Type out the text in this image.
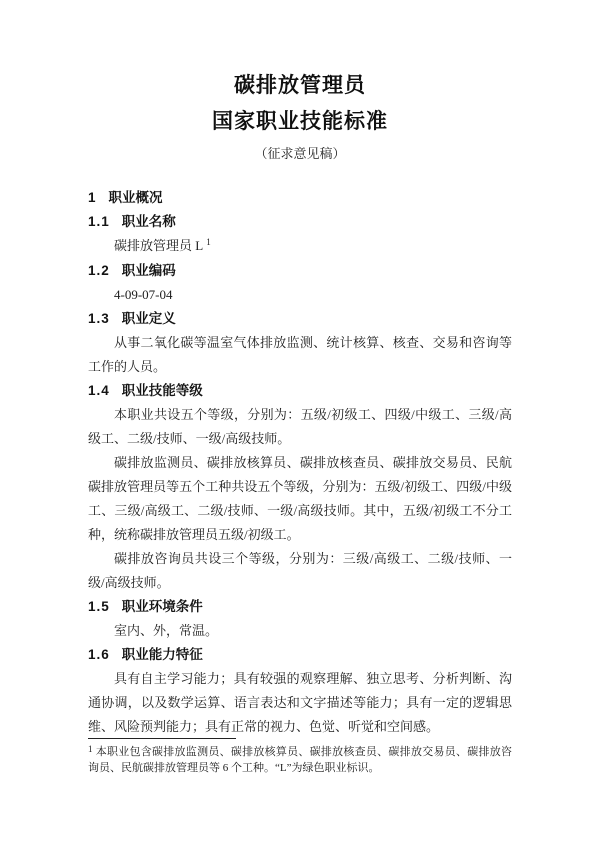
碳排放管理员
国家职业技能标准
（征求意见稿）
1 职业概况
1.1 职业名称

碳排放管理员 L $^1$

1.2 职业编码

4-09-07-04

1.3 职业定义

从事二氧化碳等温室气体排放监测、统计核算、核查、交易和咨询等工作的人员。

1.4 职业技能等级

本职业共设五个等级，分别为：五级/初级工、四级/中级工、三级/高级工、二级/技师、一级/高级技师。

碳排放监测员、碳排放核算员、碳排放核查员、碳排放交易员、民航碳排放管理员等五个工种共设五个等级，分别为：五级/初级工、四级/中级工、三级/高级工、二级/技师、一级/高级技师。其中，五级/初级工不分工种，统称碳排放管理员五级/初级工。

碳排放咨询员共设三个等级，分别为：三级/高级工、二级/技师、一级/高级技师。

1.5 职业环境条件

室内、外，常温。

1.6 职业能力特征

具有自主学习能力；具有较强的观察理解、独立思考、分析判断、沟通协调，以及数学运算、语言表达和文字描述等能力；具有一定的逻辑思维、风险预判能力；具有正常的视力、色觉、听觉和空间感。

$^1$ 本职业包含碳排放监测员、碳排放核算员、碳排放核查员、碳排放交易员、碳排放咨询员、民航碳排放管理员等 6 个工种。“L”为绿色职业标识。
